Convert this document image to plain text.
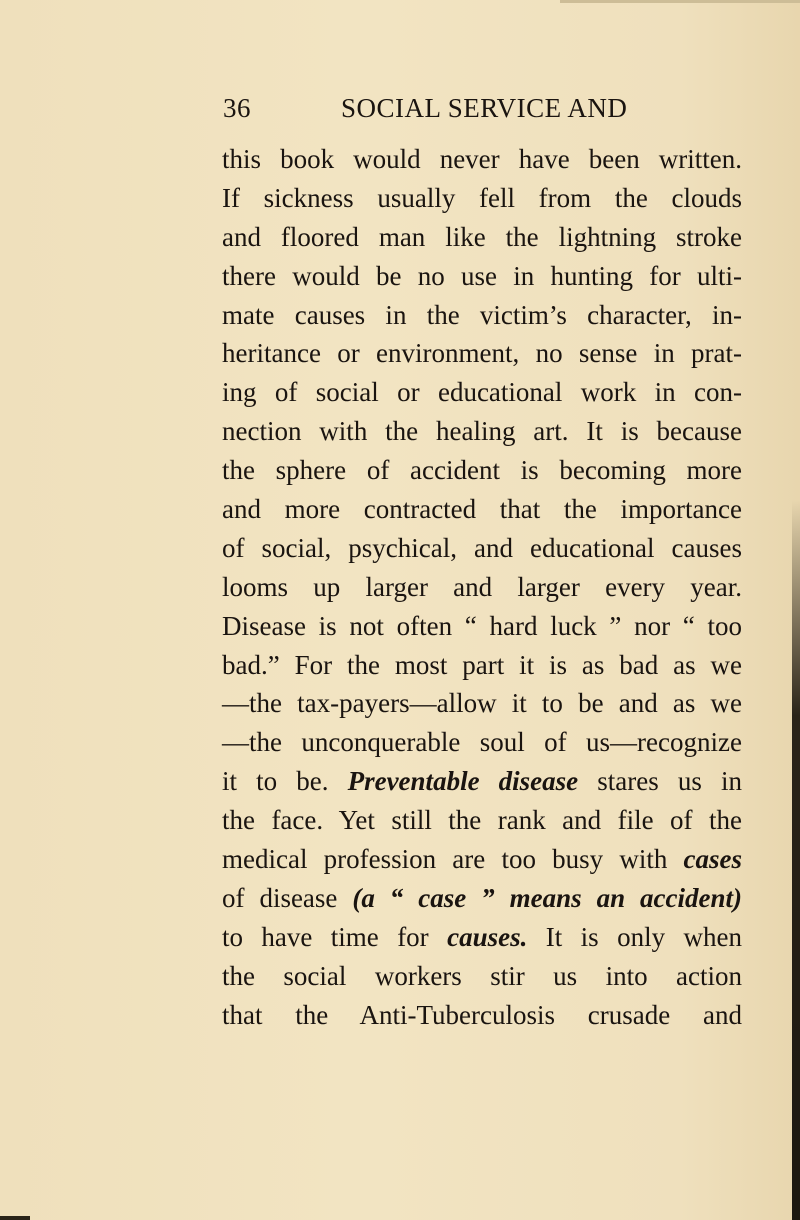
36	SOCIAL SERVICE AND
this book would never have been written.
If sickness usually fell from the clouds
and floored man like the lightning stroke
there would be no use in hunting for ulti-
mate causes in the victim’s character, in-
heritance or environment, no sense in prat-
ing of social or educational work in con-
nection with the healing art. It is because
the sphere of accident is becoming more
and more contracted that the importance
of social, psychical, and educational causes
looms up larger and larger every year.
Disease is not often “ hard luck ” nor “ too
bad.” For the most part it is as bad as we
—the tax-payers—allow it to be and as we
—the unconquerable soul of us—recognize
it to be. Preventable disease stares us in
the face. Yet still the rank and file of the
medical profession are too busy with cases
of disease (a “ case ” means an accident)
to have time for causes. It is only when
the social workers stir us into action
that the Anti-Tuberculosis crusade and
